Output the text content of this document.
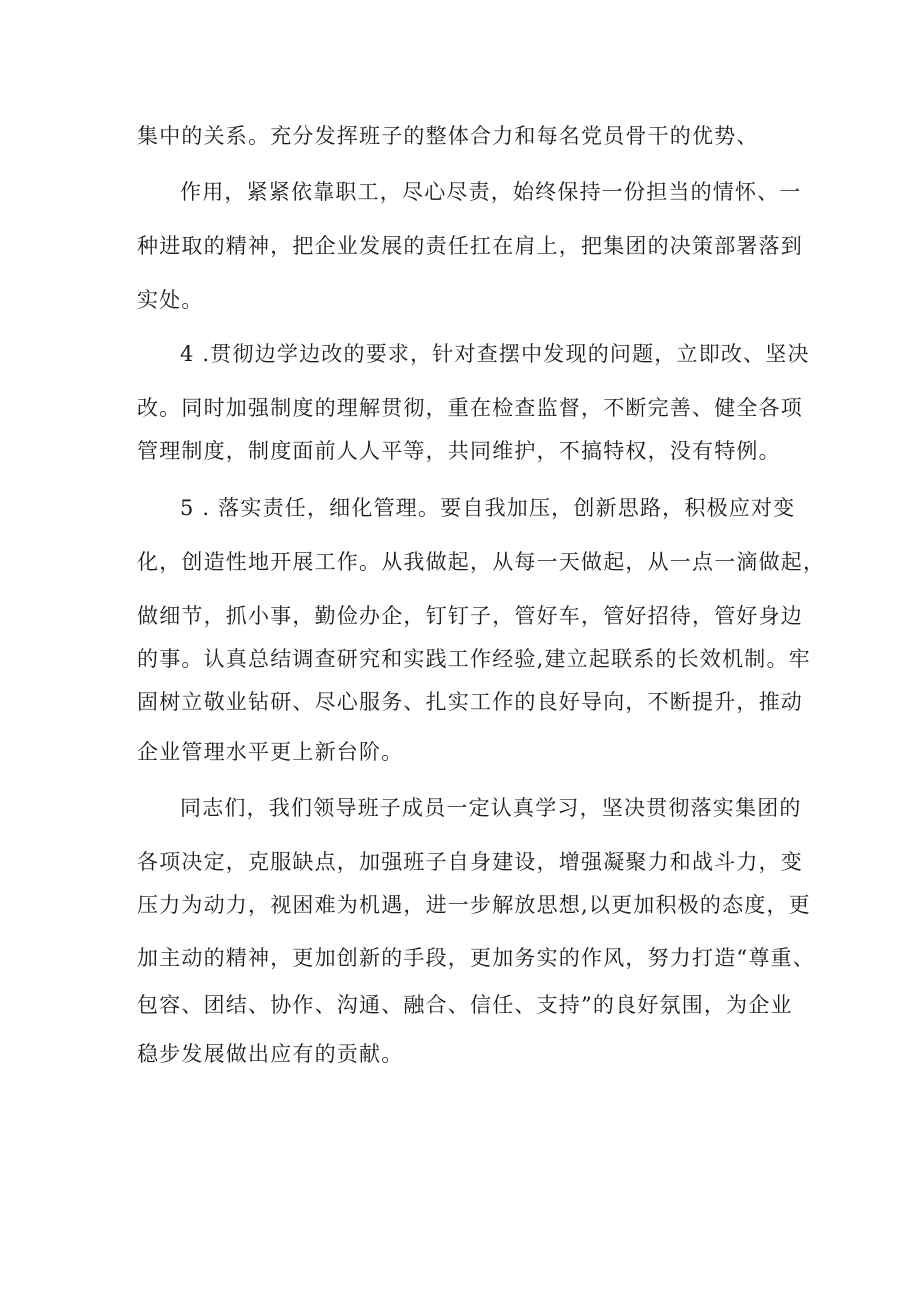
集中的关系。充分发挥班子的整体合力和每名党员骨干的优势、
作用，紧紧依靠职工，尽心尽责，始终保持一份担当的情怀、一
种进取的精神，把企业发展的责任扛在肩上，把集团的决策部署落到
实处。
4 .贯彻边学边改的要求，针对查摆中发现的问题，立即改、坚决
改。同时加强制度的理解贯彻，重在检查监督，不断完善、健全各项
管理制度，制度面前人人平等，共同维护，不搞特权，没有特例。
5 . 落实责任，细化管理。要自我加压，创新思路，积极应对变
化，创造性地开展工作。从我做起，从每一天做起，从一点一滴做起，
做细节，抓小事，勤俭办企，钉钉子，管好车，管好招待，管好身边
的事。认真总结调查研究和实践工作经验,建立起联系的长效机制。牢
固树立敬业钻研、尽心服务、扎实工作的良好导向，不断提升，推动
企业管理水平更上新台阶。
同志们，我们领导班子成员一定认真学习，坚决贯彻落实集团的
各项决定，克服缺点，加强班子自身建设，增强凝聚力和战斗力，变
压力为动力，视困难为机遇，进一步解放思想,以更加积极的态度，更
加主动的精神，更加创新的手段，更加务实的作风，努力打造“尊重、
包容、团结、协作、沟通、融合、信任、支持”的良好氛围，为企业
稳步发展做出应有的贡献。
